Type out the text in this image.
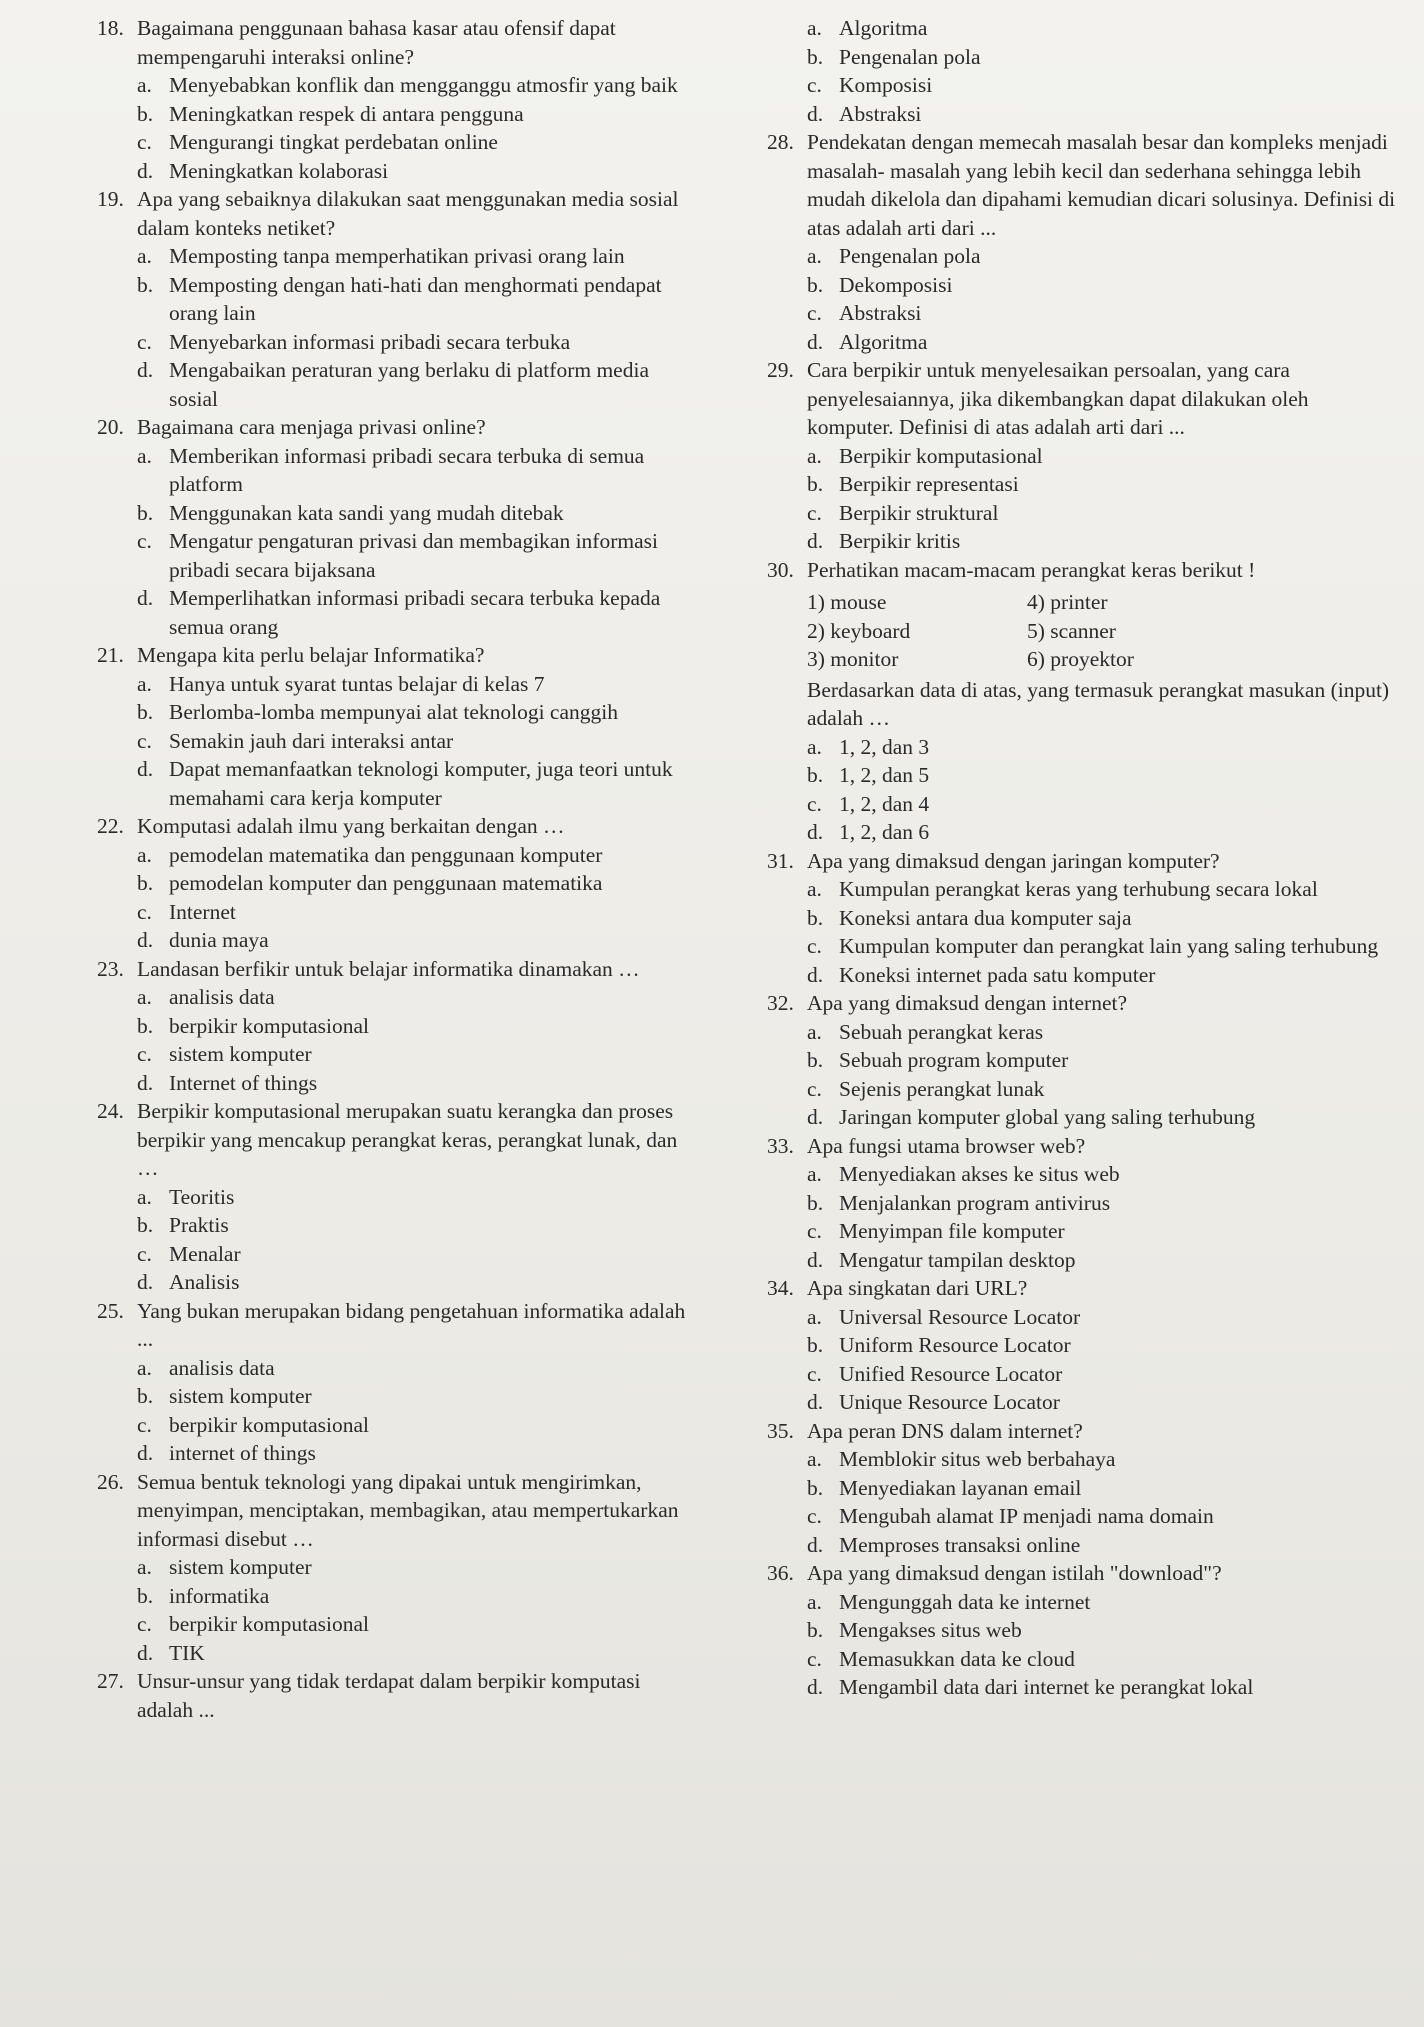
18. Bagaimana penggunaan bahasa kasar atau ofensif dapat mempengaruhi interaksi online?
a. Menyebabkan konflik dan mengganggu atmosfir yang baik
b. Meningkatkan respek di antara pengguna
c. Mengurangi tingkat perdebatan online
d. Meningkatkan kolaborasi
19. Apa yang sebaiknya dilakukan saat menggunakan media sosial dalam konteks netiket?
a. Memposting tanpa memperhatikan privasi orang lain
b. Memposting dengan hati-hati dan menghormati pendapat orang lain
c. Menyebarkan informasi pribadi secara terbuka
d. Mengabaikan peraturan yang berlaku di platform media sosial
20. Bagaimana cara menjaga privasi online?
a. Memberikan informasi pribadi secara terbuka di semua platform
b. Menggunakan kata sandi yang mudah ditebak
c. Mengatur pengaturan privasi dan membagikan informasi pribadi secara bijaksana
d. Memperlihatkan informasi pribadi secara terbuka kepada semua orang
21. Mengapa kita perlu belajar Informatika?
a. Hanya untuk syarat tuntas belajar di kelas 7
b. Berlomba-lomba mempunyai alat teknologi canggih
c. Semakin jauh dari interaksi antar
d. Dapat memanfaatkan teknologi komputer, juga teori untuk memahami cara kerja komputer
22. Komputasi adalah ilmu yang berkaitan dengan …
a. pemodelan matematika dan penggunaan komputer
b. pemodelan komputer dan penggunaan matematika
c. Internet
d. dunia maya
23. Landasan berfikir untuk belajar informatika dinamakan …
a. analisis data
b. berpikir komputasional
c. sistem komputer
d. Internet of things
24. Berpikir komputasional merupakan suatu kerangka dan proses berpikir yang mencakup perangkat keras, perangkat lunak, dan …
a. Teoritis
b. Praktis
c. Menalar
d. Analisis
25. Yang bukan merupakan bidang pengetahuan informatika adalah ...
a. analisis data
b. sistem komputer
c. berpikir komputasional
d. internet of things
26. Semua bentuk teknologi yang dipakai untuk mengirimkan, menyimpan, menciptakan, membagikan, atau mempertukarkan informasi disebut …
a. sistem komputer
b. informatika
c. berpikir komputasional
d. TIK
27. Unsur-unsur yang tidak terdapat dalam berpikir komputasi adalah ...
a. Algoritma
b. Pengenalan pola
c. Komposisi
d. Abstraksi
28. Pendekatan dengan memecah masalah besar dan kompleks menjadi masalah- masalah yang lebih kecil dan sederhana sehingga lebih mudah dikelola dan dipahami kemudian dicari solusinya. Definisi di atas adalah arti dari ...
a. Pengenalan pola
b. Dekomposisi
c. Abstraksi
d. Algoritma
29. Cara berpikir untuk menyelesaikan persoalan, yang cara penyelesaiannya, jika dikembangkan dapat dilakukan oleh komputer. Definisi di atas adalah arti dari ...
a. Berpikir komputasional
b. Berpikir representasi
c. Berpikir struktural
d. Berpikir kritis
30. Perhatikan macam-macam perangkat keras berikut !
1) mouse	4) printer
2) keyboard	5) scanner
3) monitor	6) proyektor
Berdasarkan data di atas, yang termasuk perangkat masukan (input) adalah …
a. 1, 2, dan 3
b. 1, 2, dan 5
c. 1, 2, dan 4
d. 1, 2, dan 6
31. Apa yang dimaksud dengan jaringan komputer?
a. Kumpulan perangkat keras yang terhubung secara lokal
b. Koneksi antara dua komputer saja
c. Kumpulan komputer dan perangkat lain yang saling terhubung
d. Koneksi internet pada satu komputer
32. Apa yang dimaksud dengan internet?
a. Sebuah perangkat keras
b. Sebuah program komputer
c. Sejenis perangkat lunak
d. Jaringan komputer global yang saling terhubung
33. Apa fungsi utama browser web?
a. Menyediakan akses ke situs web
b. Menjalankan program antivirus
c. Menyimpan file komputer
d. Mengatur tampilan desktop
34. Apa singkatan dari URL?
a. Universal Resource Locator
b. Uniform Resource Locator
c. Unified Resource Locator
d. Unique Resource Locator
35. Apa peran DNS dalam internet?
a. Memblokir situs web berbahaya
b. Menyediakan layanan email
c. Mengubah alamat IP menjadi nama domain
d. Memproses transaksi online
36. Apa yang dimaksud dengan istilah "download"?
a. Mengunggah data ke internet
b. Mengakses situs web
c. Memasukkan data ke cloud
d. Mengambil data dari internet ke perangkat lokal
